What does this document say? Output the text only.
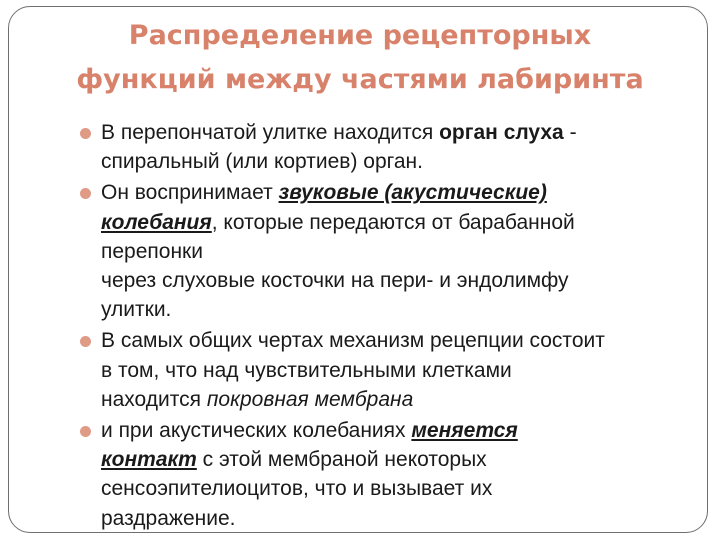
Распределение рецепторных
функций между частями лабиринта
В перепончатой улитке находится орган слуха -
спиральный (или кортиев) орган.
Он воспринимает звуковые (акустические)
колебания, которые передаются от барабанной
перепонки
через слуховые косточки на пери- и эндолимфу
улитки.
В самых общих чертах механизм рецепции состоит
в том, что над чувствительными клетками
находится покровная мембрана
и при акустических колебаниях меняется
контакт с этой мембраной некоторых
сенсоэпителиоцитов, что и вызывает их
раздражение.
